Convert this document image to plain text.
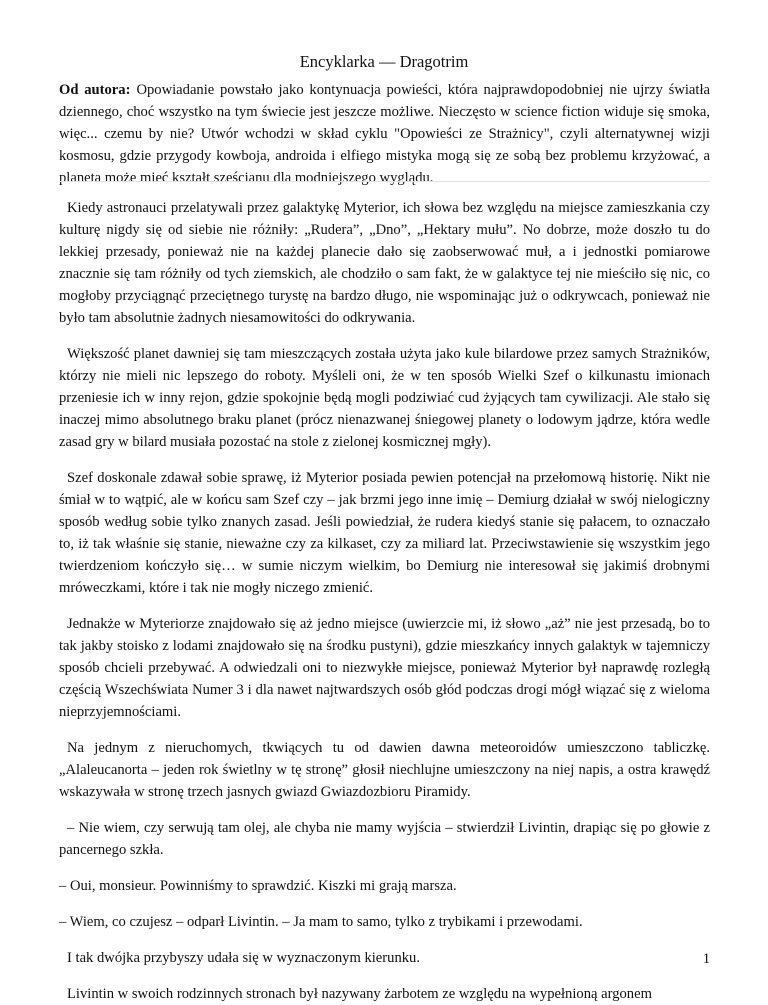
Encyklarka — Dragotrim
Od autora: Opowiadanie powstało jako kontynuacja powieści, która najprawdopodobniej nie ujrzy światła dziennego, choć wszystko na tym świecie jest jeszcze możliwe. Nieczęsto w science fiction widuje się smoka, więc... czemu by nie? Utwór wchodzi w skład cyklu "Opowieści ze Strażnicy", czyli alternatywnej wizji kosmosu, gdzie przygody kowboja, androida i elfiego mistyka mogą się ze sobą bez problemu krzyżować, a planeta może mieć kształt sześcianu dla modniejszego wyglądu.

Kiedy astronauci przelatywali przez galaktykę Myterior, ich słowa bez względu na miejsce zamieszkania czy kulturę nigdy się od siebie nie różniły: „Rudera”, „Dno”, „Hektary mułu”. No dobrze, może doszło tu do lekkiej przesady, ponieważ nie na każdej planecie dało się zaobserwować muł, a i jednostki pomiarowe znacznie się tam różniły od tych ziemskich, ale chodziło o sam fakt, że w galaktyce tej nie mieściło się nic, co mogłoby przyciągnąć przeciętnego turystę na bardzo długo, nie wspominając już o odkrywcach, ponieważ nie było tam absolutnie żadnych niesamowitości do odkrywania.

Większość planet dawniej się tam mieszczących została użyta jako kule bilardowe przez samych Strażników, którzy nie mieli nic lepszego do roboty. Myśleli oni, że w ten sposób Wielki Szef o kilkunastu imionach przeniesie ich w inny rejon, gdzie spokojnie będą mogli podziwiać cud żyjących tam cywilizacji. Ale stało się inaczej mimo absolutnego braku planet (prócz nienazwanej śniegowej planety o lodowym jądrze, która wedle zasad gry w bilard musiała pozostać na stole z zielonej kosmicznej mgły).

Szef doskonale zdawał sobie sprawę, iż Myterior posiada pewien potencjał na przełomową historię. Nikt nie śmiał w to wątpić, ale w końcu sam Szef czy – jak brzmi jego inne imię – Demiurg działał w swój nielogiczny sposób według sobie tylko znanych zasad. Jeśli powiedział, że rudera kiedyś stanie się pałacem, to oznaczało to, iż tak właśnie się stanie, nieważne czy za kilkaset, czy za miliard lat. Przeciwstawienie się wszystkim jego twierdzeniom kończyło się… w sumie niczym wielkim, bo Demiurg nie interesował się jakimiś drobnymi mróweczkami, które i tak nie mogły niczego zmienić.

Jednakże w Myteriorze znajdowało się aż jedno miejsce (uwierzcie mi, iż słowo „aż” nie jest przesadą, bo to tak jakby stoisko z lodami znajdowało się na środku pustyni), gdzie mieszkańcy innych galaktyk w tajemniczy sposób chcieli przebywać. A odwiedzali oni to niezwykłe miejsce, ponieważ Myterior był naprawdę rozległą częścią Wszechświata Numer 3 i dla nawet najtwardszych osób głód podczas drogi mógł wiązać się z wieloma nieprzyjemnościami.

Na jednym z nieruchomych, tkwiących tu od dawien dawna meteoroidów umieszczono tabliczkę. „Alaleucanorta – jeden rok świetlny w tę stronę” głosił niechlujne umieszczony na niej napis, a ostra krawędź wskazywała w stronę trzech jasnych gwiazd Gwiazdozbioru Piramidy.

– Nie wiem, czy serwują tam olej, ale chyba nie mamy wyjścia – stwierdził Livintin, drapiąc się po głowie z pancernego szkła.

– Oui, monsieur. Powinniśmy to sprawdzić. Kiszki mi grają marsza.

– Wiem, co czujesz – odparł Livintin. – Ja mam to samo, tylko z trybikami i przewodami.

I tak dwójka przybyszy udała się w wyznaczonym kierunku.

Livintin w swoich rodzinnych stronach był nazywany żarbotem ze względu na wypełnioną argonem

1
